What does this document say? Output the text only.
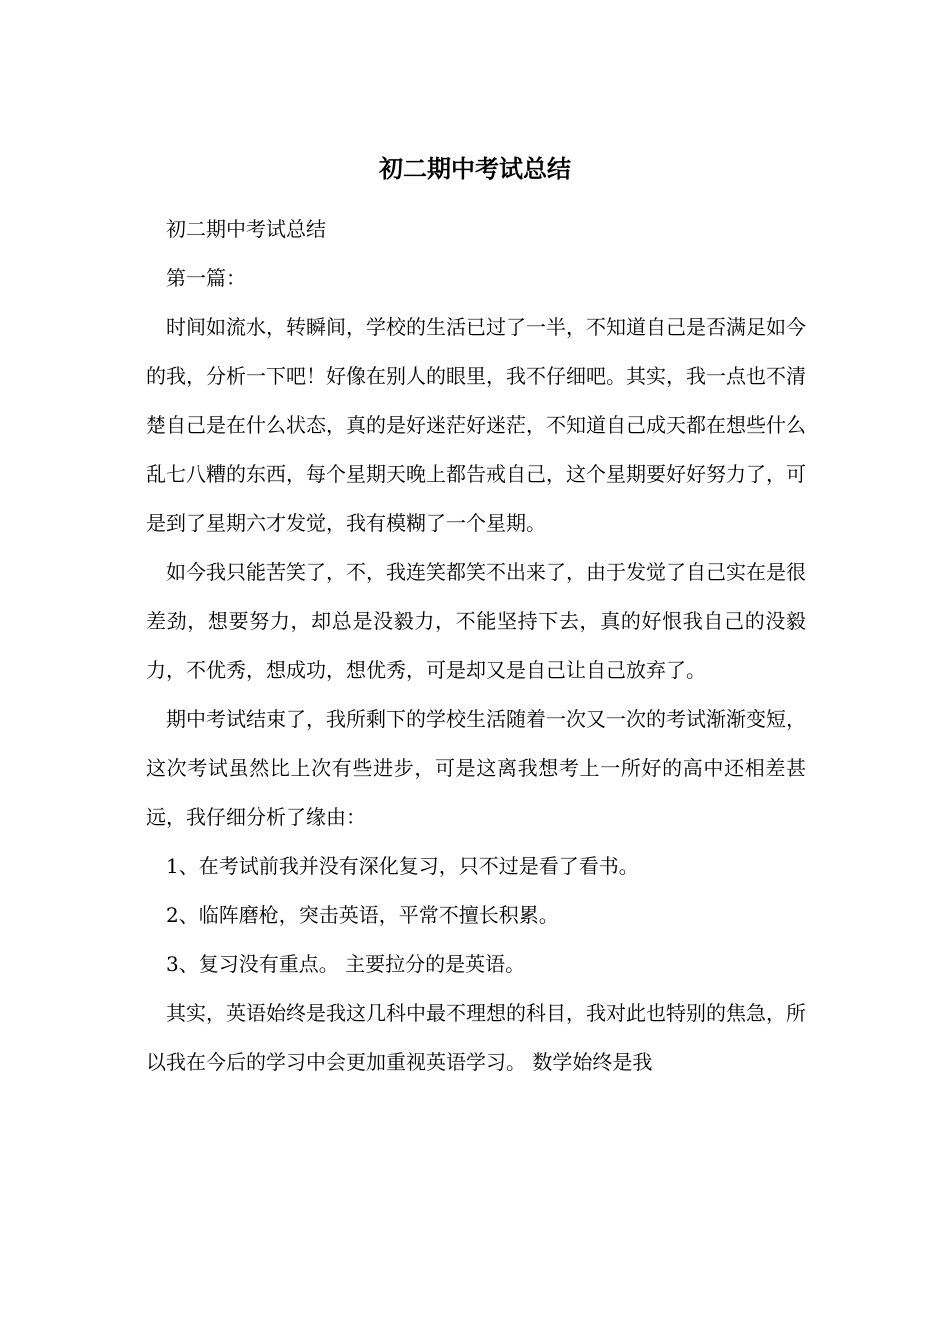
初二期中考试总结

初二期中考试总结

第一篇：

时间如流水，转瞬间，学校的生活已过了一半，不知道自己是否满足如今的我，分析一下吧！好像在别人的眼里，我不仔细吧。其实，我一点也不清楚自己是在什么状态，真的是好迷茫好迷茫，不知道自己成天都在想些什么乱七八糟的东西，每个星期天晚上都告戒自己，这个星期要好好努力了，可是到了星期六才发觉，我有模糊了一个星期。

如今我只能苦笑了，不，我连笑都笑不出来了，由于发觉了自己实在是很差劲，想要努力，却总是没毅力，不能坚持下去，真的好恨我自己的没毅力，不优秀，想成功，想优秀，可是却又是自己让自己放弃了。

期中考试结束了，我所剩下的学校生活随着一次又一次的考试渐渐变短，这次考试虽然比上次有些进步，可是这离我想考上一所好的高中还相差甚远，我仔细分析了缘由：

1、在考试前我并没有深化复习，只不过是看了看书。

2、临阵磨枪，突击英语，平常不擅长积累。

3、复习没有重点。 主要拉分的是英语。

其实，英语始终是我这几科中最不理想的科目，我对此也特别的焦急，所以我在今后的学习中会更加重视英语学习。 数学始终是我
